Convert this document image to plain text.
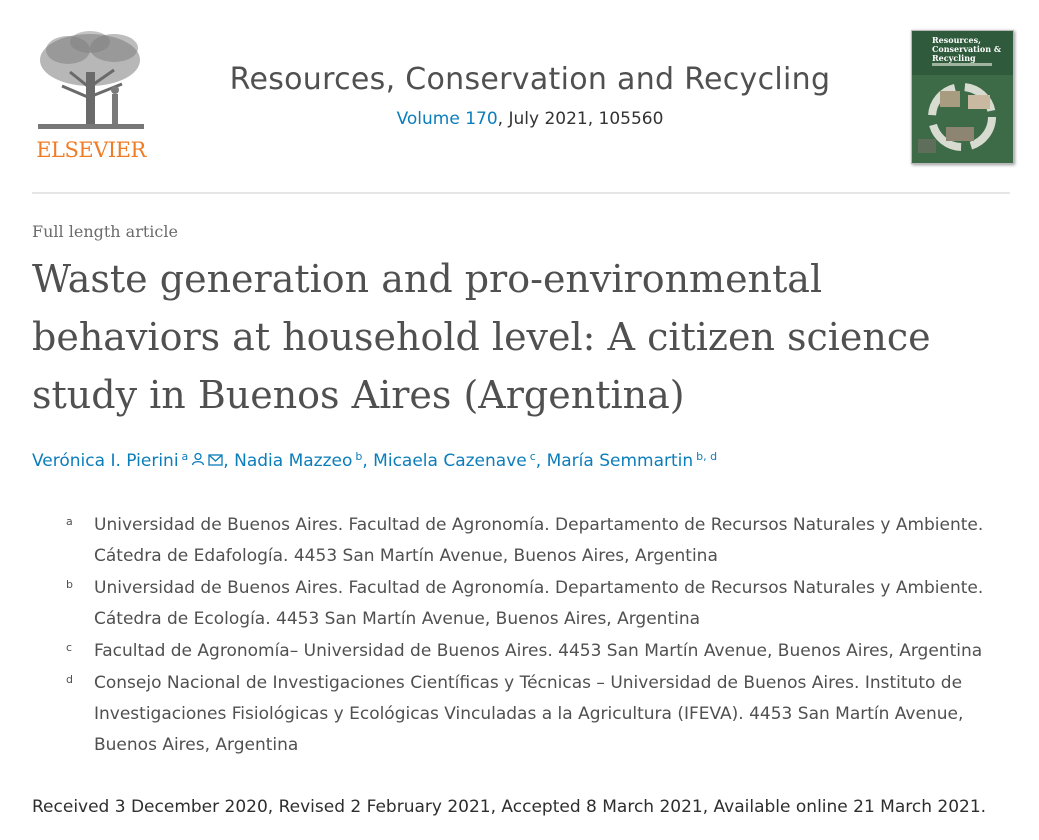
ELSEVIER
Resources, Conservation and Recycling
Volume 170, July 2021, 105560
Resources, Conservation & Recycling
Full length article
Waste generation and pro-environmental behaviors at household level: A citizen science study in Buenos Aires (Argentina)
Verónica I. Pierini $^a$ , Nadia Mazzeo $^b$, Micaela Cazenave $^c$, María Semmartin $^{b, d}$
a Universidad de Buenos Aires. Facultad de Agronomía. Departamento de Recursos Naturales y Ambiente. Cátedra de Edafología. 4453 San Martín Avenue, Buenos Aires, Argentina
b Universidad de Buenos Aires. Facultad de Agronomía. Departamento de Recursos Naturales y Ambiente. Cátedra de Ecología. 4453 San Martín Avenue, Buenos Aires, Argentina
c Facultad de Agronomía– Universidad de Buenos Aires. 4453 San Martín Avenue, Buenos Aires, Argentina
d Consejo Nacional de Investigaciones Científicas y Técnicas – Universidad de Buenos Aires. Instituto de Investigaciones Fisiológicas y Ecológicas Vinculadas a la Agricultura (IFEVA). 4453 San Martín Avenue, Buenos Aires, Argentina
Received 3 December 2020, Revised 2 February 2021, Accepted 8 March 2021, Available online 21 March 2021.
